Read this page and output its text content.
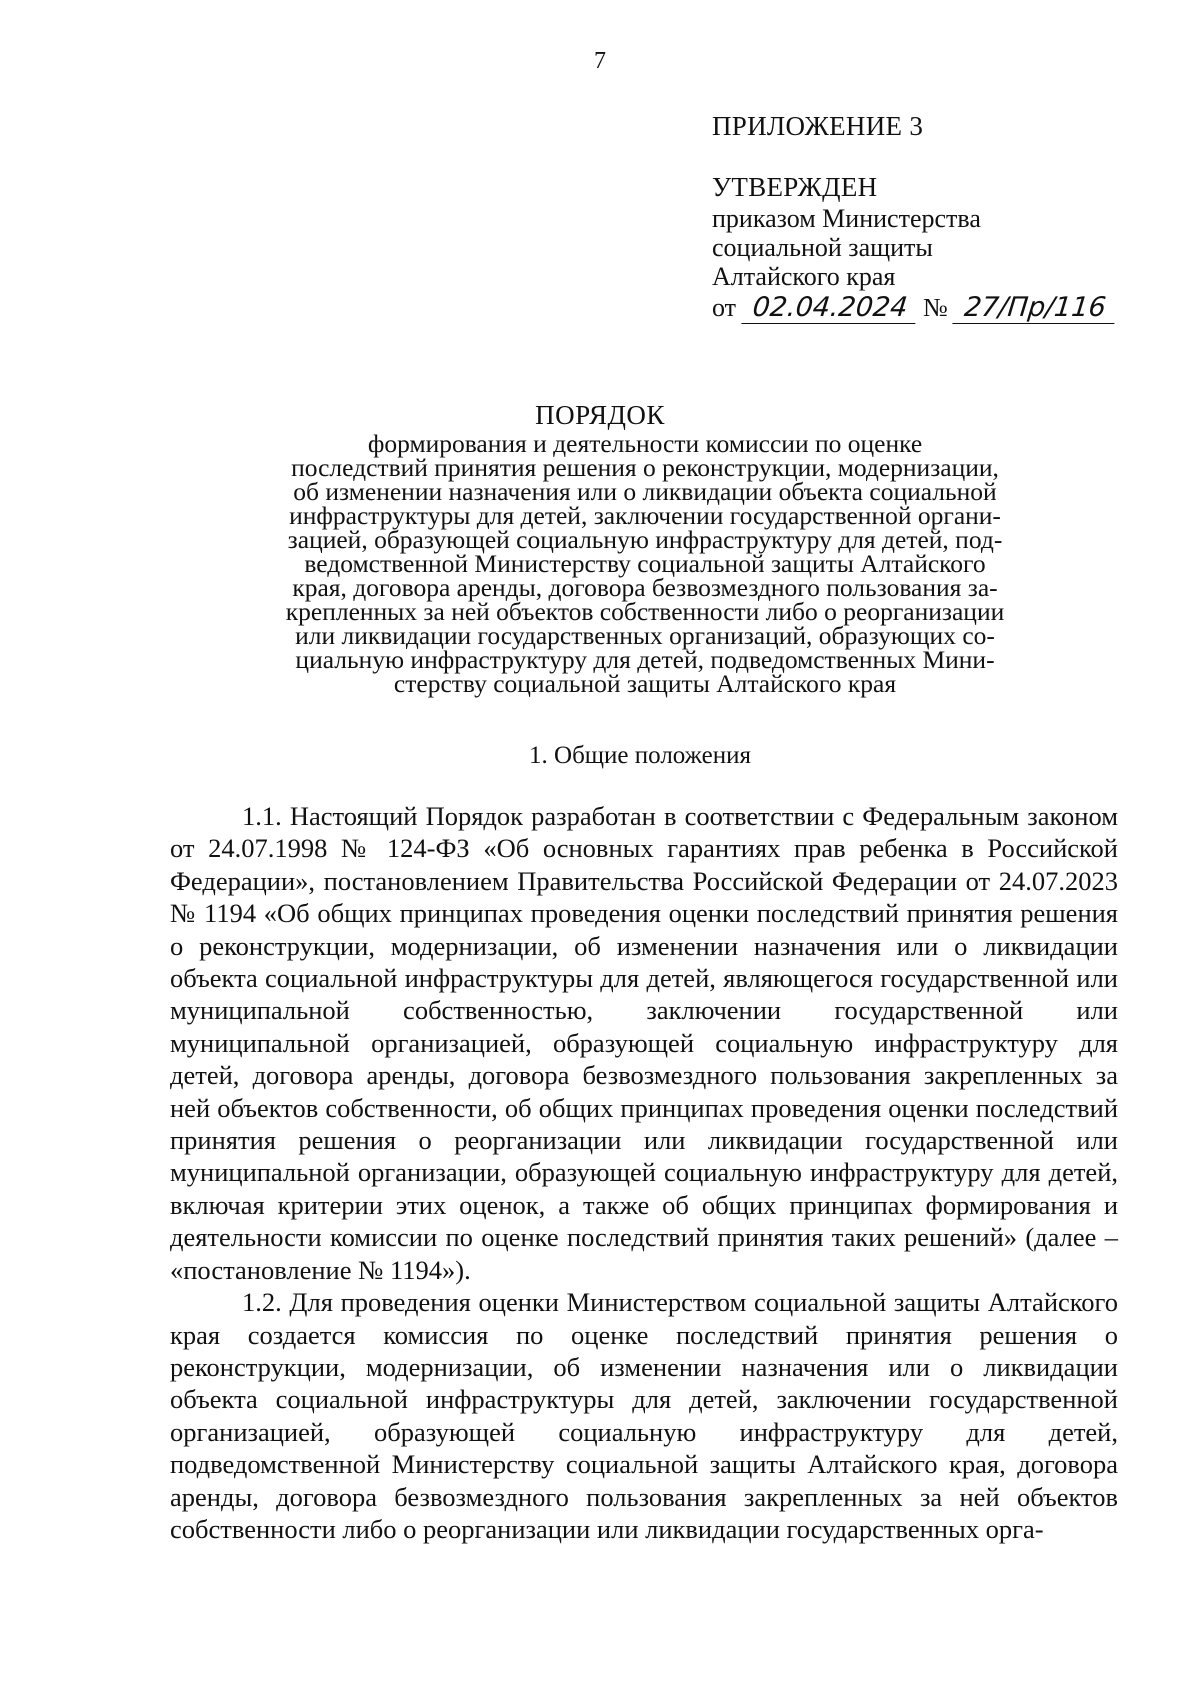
7
ПРИЛОЖЕНИЕ 3
УТВЕРЖДЕН
приказом Министерства
социальной защиты
Алтайского края
от 02.04.2024 № 27/Пр/116
ПОРЯДОК
формирования и деятельности комиссии по оценке
последствий принятия решения о реконструкции, модернизации,
об изменении назначения или о ликвидации объекта социальной
инфраструктуры для детей, заключении государственной органи-
зацией, образующей социальную инфраструктуру для детей, под-
ведомственной Министерству социальной защиты Алтайского
края, договора аренды, договора безвозмездного пользования за-
крепленных за ней объектов собственности либо о реорганизации
или ликвидации государственных организаций, образующих со-
циальную инфраструктуру для детей, подведомственных Мини-
стерству социальной защиты Алтайского края
1. Общие положения

1.1. Настоящий Порядок разработан в соответствии с Федеральным законом от 24.07.1998 № 124-ФЗ «Об основных гарантиях прав ребенка в Российской Федерации», постановлением Правительства Российской Федерации от 24.07.2023 № 1194 «Об общих принципах проведения оценки последствий принятия решения о реконструкции, модернизации, об изменении назначения или о ликвидации объекта социальной инфраструктуры для детей, являющегося государственной или муниципальной собственностью, заключении государственной или муниципальной организацией, образующей социальную инфраструктуру для детей, договора аренды, договора безвозмездного пользования закрепленных за ней объектов собственности, об общих принципах проведения оценки последствий принятия решения о реорганизации или ликвидации государственной или муниципальной организации, образующей социальную инфраструктуру для детей, включая критерии этих оценок, а также об общих принципах формирования и деятельности комиссии по оценке последствий принятия таких решений» (далее – «постановление № 1194»).

1.2. Для проведения оценки Министерством социальной защиты Алтайского края создается комиссия по оценке последствий принятия решения о реконструкции, модернизации, об изменении назначения или о ликвидации объекта социальной инфраструктуры для детей, заключении государственной организацией, образующей социальную инфраструктуру для детей, подведомственной Министерству социальной защиты Алтайского края, договора аренды, договора безвозмездного пользования закрепленных за ней объектов собственности либо о реорганизации или ликвидации государственных орга-
